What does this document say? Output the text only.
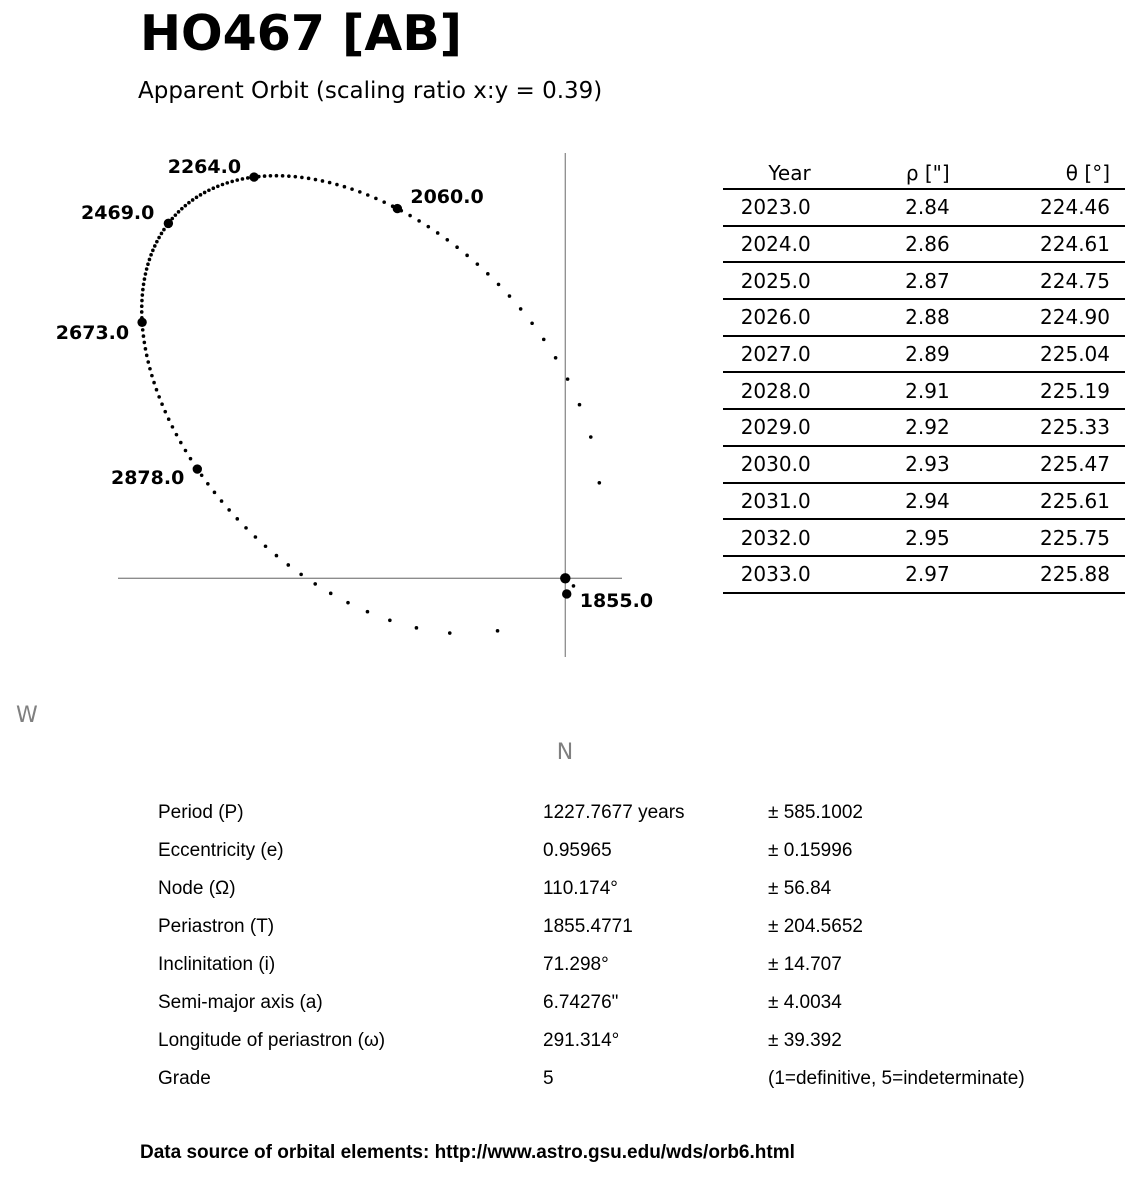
HO467 [AB]
Apparent Orbit (scaling ratio x:y = 0.39)
W
N
1855.0
2060.0
2264.0
2469.0
2673.0
2878.0
Year	ρ ["]	θ [°]
2023.0	2.84	224.46
2024.0	2.86	224.61
2025.0	2.87	224.75
2026.0	2.88	224.90
2027.0	2.89	225.04
2028.0	2.91	225.19
2029.0	2.92	225.33
2030.0	2.93	225.47
2031.0	2.94	225.61
2032.0	2.95	225.75
2033.0	2.97	225.88
Period (P)	1227.7677 years	± 585.1002
Eccentricity (e)	0.95965	± 0.15996
Node (Ω)	110.174°	± 56.84
Periastron (T)	1855.4771	± 204.5652
Inclinitation (i)	71.298°	± 14.707
Semi-major axis (a)	6.74276"	± 4.0034
Longitude of periastron (ω)	291.314°	± 39.392
Grade	5	(1=definitive, 5=indeterminate)
Data source of orbital elements: http://www.astro.gsu.edu/wds/orb6.html
